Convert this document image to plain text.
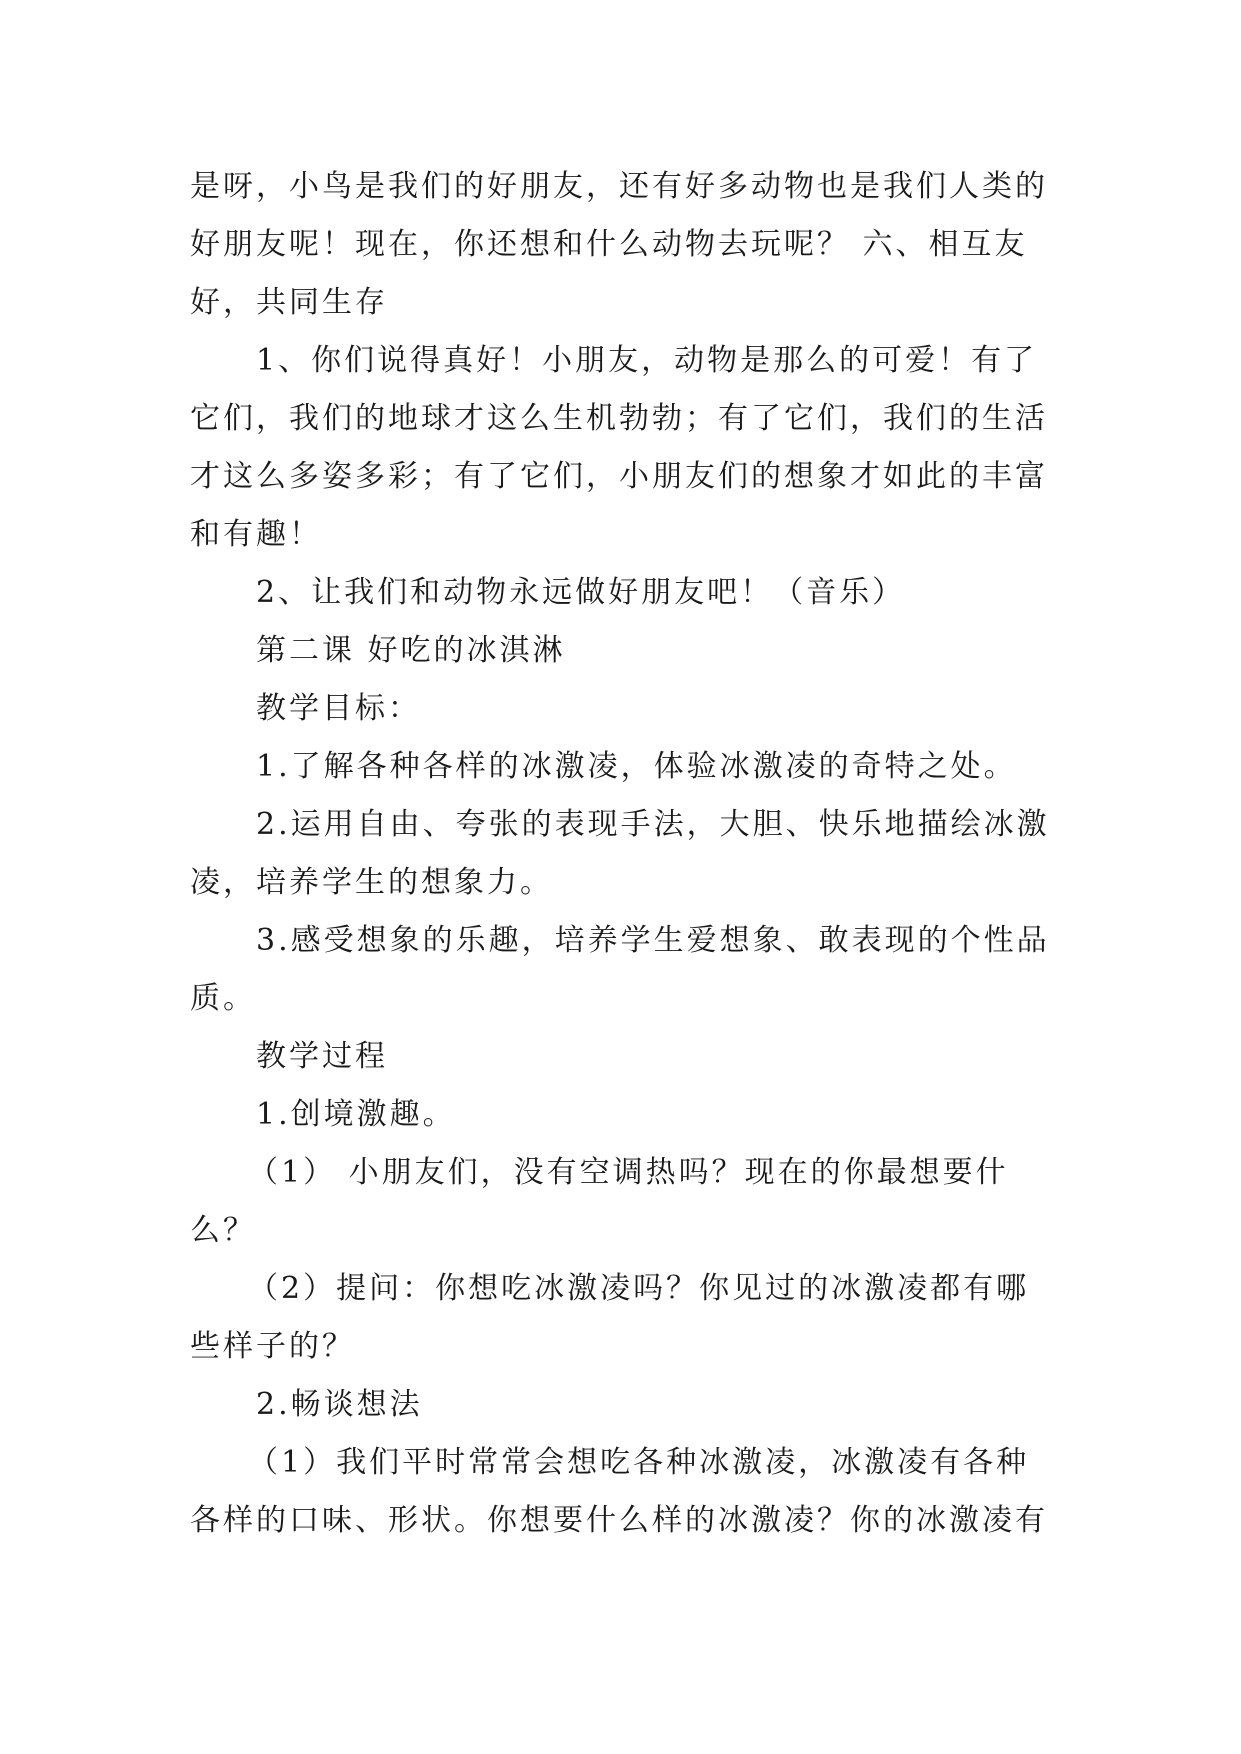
是呀，小鸟是我们的好朋友，还有好多动物也是我们人类的

好朋友呢！现在，你还想和什么动物去玩呢？ 六、相互友

好，共同生存

1、你们说得真好！小朋友，动物是那么的可爱！有了

它们，我们的地球才这么生机勃勃；有了它们，我们的生活

才这么多姿多彩；有了它们，小朋友们的想象才如此的丰富

和有趣！

2、让我们和动物永远做好朋友吧！（音乐）

第二课 好吃的冰淇淋

教学目标：

1.了解各种各样的冰激凌，体验冰激凌的奇特之处。

2.运用自由、夸张的表现手法，大胆、快乐地描绘冰激

凌，培养学生的想象力。

3.感受想象的乐趣，培养学生爱想象、敢表现的个性品

质。

教学过程

1.创境激趣。

（1） 小朋友们，没有空调热吗？现在的你最想要什

么？

（2）提问：你想吃冰激凌吗？你见过的冰激凌都有哪

些样子的？

2.畅谈想法

（1）我们平时常常会想吃各种冰激凌，冰激凌有各种

各样的口味、形状。你想要什么样的冰激凌？你的冰激凌有
